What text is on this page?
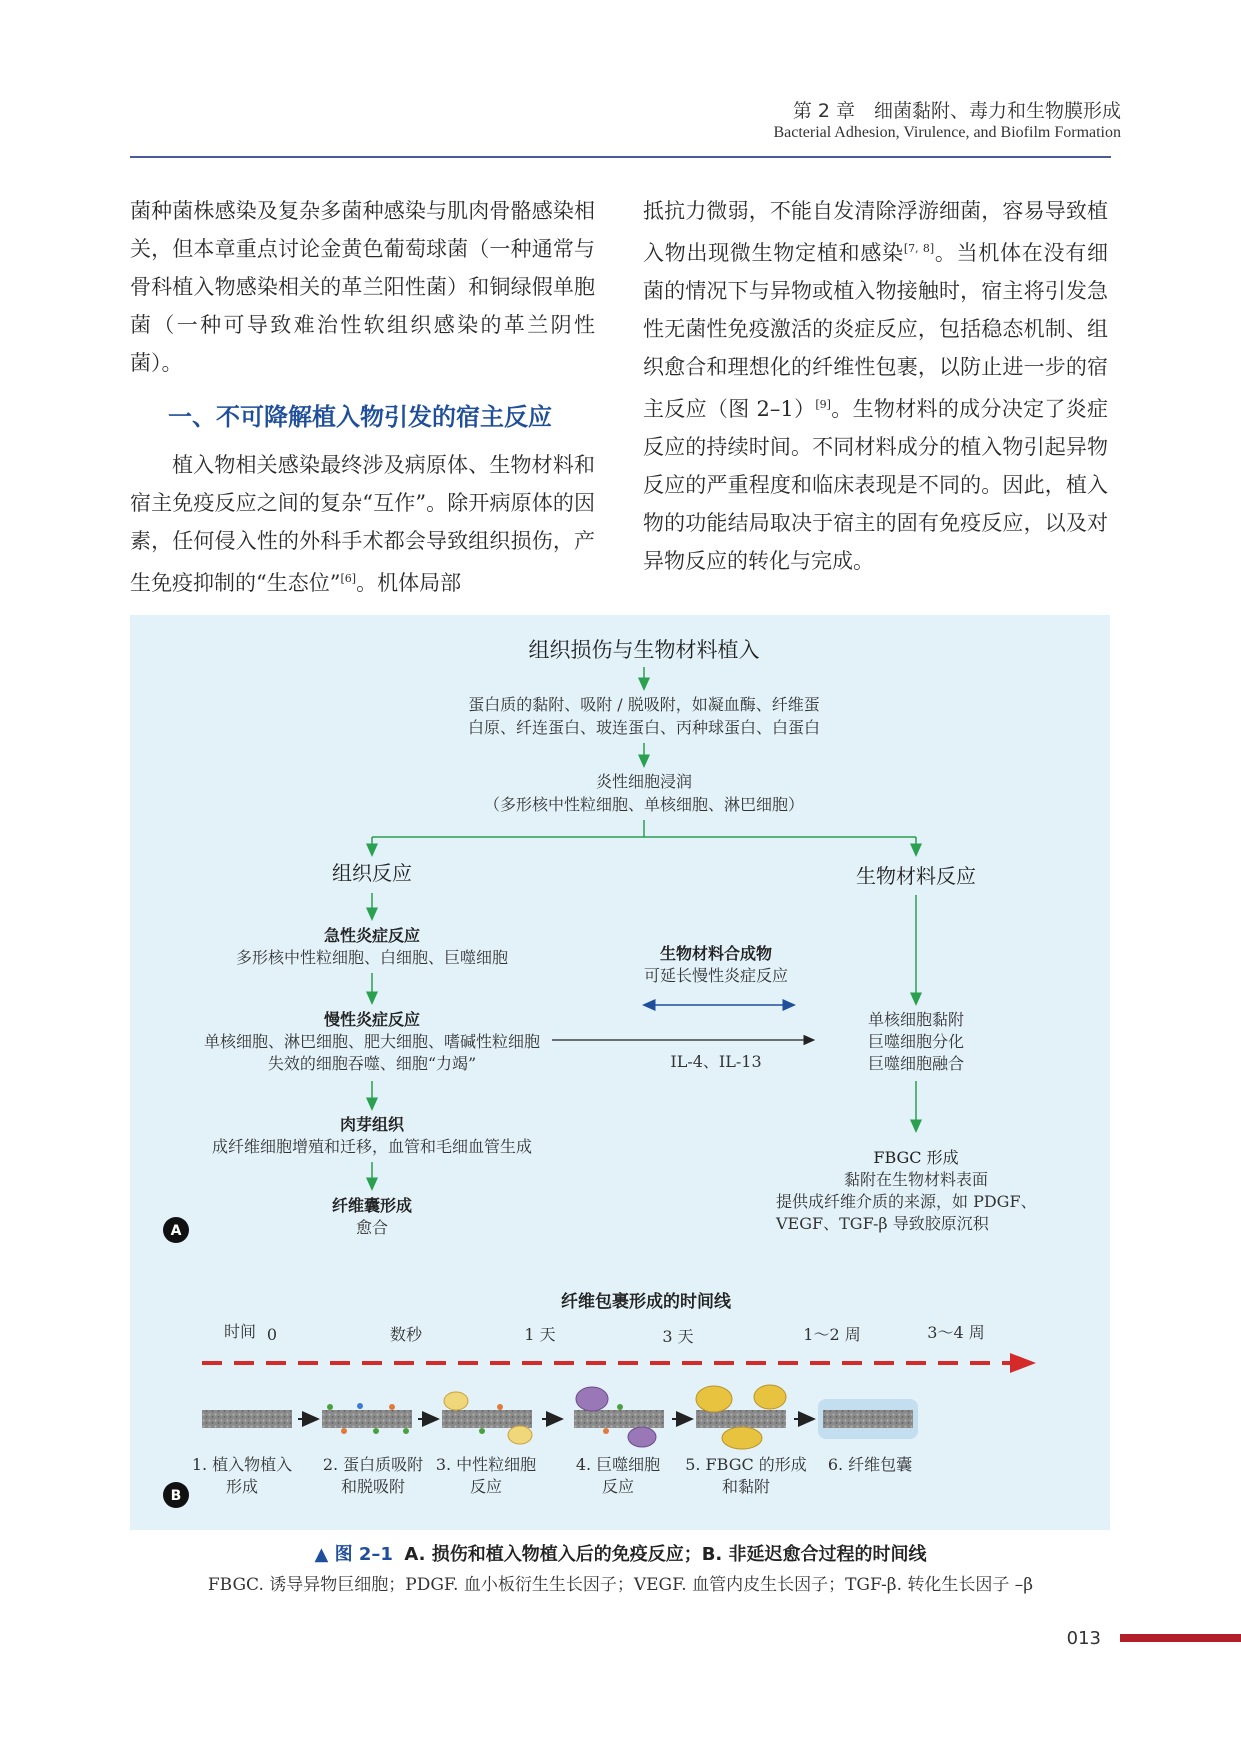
第 2 章　细菌黏附、毒力和生物膜形成
Bacterial Adhesion, Virulence, and Biofilm Formation

菌种菌株感染及复杂多菌种感染与肌肉骨骼感染相关，但本章重点讨论金黄色葡萄球菌（一种通常与骨科植入物感染相关的革兰阳性菌）和铜绿假单胞菌（一种可导致难治性软组织感染的革兰阴性菌）。

一、不可降解植入物引发的宿主反应

植入物相关感染最终涉及病原体、生物材料和宿主免疫反应之间的复杂“互作”。除开病原体的因素，任何侵入性的外科手术都会导致组织损伤，产生免疫抑制的“生态位”[6]。机体局部

抵抗力微弱，不能自发清除浮游细菌，容易导致植入物出现微生物定植和感染[7, 8]。当机体在没有细菌的情况下与异物或植入物接触时，宿主将引发急性无菌性免疫激活的炎症反应，包括稳态机制、组织愈合和理想化的纤维性包裹，以防止进一步的宿主反应（图 2–1）[9]。生物材料的成分决定了炎症反应的持续时间。不同材料成分的植入物引起异物反应的严重程度和临床表现是不同的。因此，植入物的功能结局取决于宿主的固有免疫反应，以及对异物反应的转化与完成。

组织损伤与生物材料植入
蛋白质的黏附、吸附 / 脱吸附，如凝血酶、纤维蛋
白原、纤连蛋白、玻连蛋白、丙种球蛋白、白蛋白
炎性细胞浸润
（多形核中性粒细胞、单核细胞、淋巴细胞）
组织反应	生物材料反应
急性炎症反应
多形核中性粒细胞、白细胞、巨噬细胞
慢性炎症反应
单核细胞、淋巴细胞、肥大细胞、嗜碱性粒细胞
失效的细胞吞噬、细胞“力竭”
肉芽组织
成纤维细胞增殖和迁移，血管和毛细血管生成
纤维囊形成
愈合
生物材料合成物
可延长慢性炎症反应
IL-4、IL-13
单核细胞黏附
巨噬细胞分化
巨噬细胞融合
FBGC 形成
黏附在生物材料表面
提供成纤维介质的来源，如 PDGF、
VEGF、TGF-β 导致胶原沉积
A
纤维包裹形成的时间线
时间 0	数秒	1 天	3 天	1～2 周	3～4 周
1. 植入物植入
形成
2. 蛋白质吸附
和脱吸附
3. 中性粒细胞
反应
4. 巨噬细胞
反应
5. FBGC 的形成
和黏附
6. 纤维包囊
B
▲ 图 2–1 A. 损伤和植入物植入后的免疫反应；B. 非延迟愈合过程的时间线
FBGC. 诱导异物巨细胞；PDGF. 血小板衍生生长因子；VEGF. 血管内皮生长因子；TGF-β. 转化生长因子 –β
013
